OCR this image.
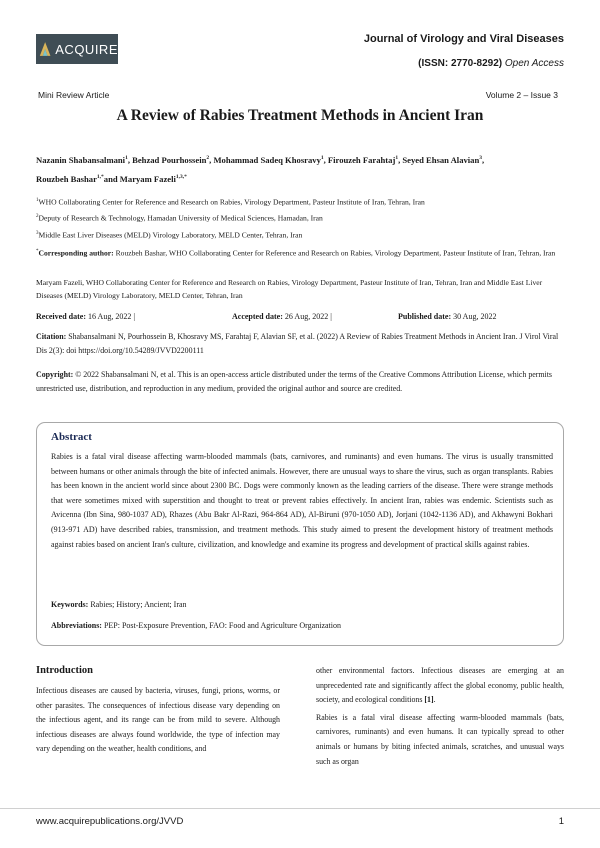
ACQUIRE
Journal of Virology and Viral Diseases
(ISSN: 2770-8292) Open Access
Mini Review Article	Volume 2 – Issue 3
A Review of Rabies Treatment Methods in Ancient Iran
Nazanin Shabansalmani$^1$, Behzad Pourhossein$^2$, Mohammad Sadeq Khosravy$^1$, Firouzeh Farahtaj$^1$, Seyed Ehsan Alavian$^3$,
Rouzbeh Bashar$^{1,*}$and Maryam Fazeli$^{1,3,*}$
$^1$WHO Collaborating Center for Reference and Research on Rabies, Virology Department, Pasteur Institute of Iran, Tehran, Iran
$^2$Deputy of Research & Technology, Hamadan University of Medical Sciences, Hamadan, Iran
$^3$Middle East Liver Diseases (MELD) Virology Laboratory, MELD Center, Tehran, Iran
*Corresponding author: Rouzbeh Bashar, WHO Collaborating Center for Reference and Research on Rabies, Virology Department, Pasteur Institute of Iran, Tehran, Iran
Maryam Fazeli, WHO Collaborating Center for Reference and Research on Rabies, Virology Department, Pasteur Institute of Iran, Tehran, Iran and Middle East Liver Diseases (MELD) Virology Laboratory, MELD Center, Tehran, Iran
Received date: 16 Aug, 2022 |	Accepted date: 26 Aug, 2022 |	Published date: 30 Aug, 2022
Citation: Shabansalmani N, Pourhossein B, Khosravy MS, Farahtaj F, Alavian SF, et al. (2022) A Review of Rabies Treatment Methods in Ancient Iran. J Virol Viral Dis 2(3): doi https://doi.org/10.54289/JVVD2200111
Copyright: © 2022 Shabansalmani N, et al. This is an open-access article distributed under the terms of the Creative Commons Attribution License, which permits unrestricted use, distribution, and reproduction in any medium, provided the original author and source are credited.
Abstract
Rabies is a fatal viral disease affecting warm-blooded mammals (bats, carnivores, and ruminants) and even humans. The virus is usually transmitted between humans or other animals through the bite of infected animals. However, there are unusual ways to share the virus, such as organ transplants. Rabies has been known in the ancient world since about 2300 BC. Dogs were commonly known as the leading carriers of the disease. There were strange methods that were sometimes mixed with superstition and thought to treat or prevent rabies effectively. In ancient Iran, rabies was endemic. Scientists such as Avicenna (Ibn Sina, 980-1037 AD), Rhazes (Abu Bakr Al-Razi, 964-864 AD), Al-Biruni (970-1050 AD), Jorjani (1042-1136 AD), and Akhawyni Bokhari (913-971 AD) have described rabies, transmission, and treatment methods. This study aimed to present the development history of treatment methods against rabies based on ancient Iran's culture, civilization, and knowledge and examine its progress and development of practical skills against rabies.
Keywords: Rabies; History; Ancient; Iran
Abbreviations: PEP: Post-Exposure Prevention, FAO: Food and Agriculture Organization
Introduction

Infectious diseases are caused by bacteria, viruses, fungi, prions, worms, or other parasites. The consequences of infectious disease vary depending on the infectious agent, and its range can be from mild to severe. Although infectious diseases are always found worldwide, the type of infection may vary depending on the weather, health conditions, and

other environmental factors. Infectious diseases are emerging at an unprecedented rate and significantly affect the global economy, public health, society, and ecological conditions [1].

Rabies is a fatal viral disease affecting warm-blooded mammals (bats, carnivores, ruminants) and even humans. It can typically spread to other animals or humans by biting infected animals, scratches, and unusual ways such as organ

www.acquirepublications.org/JVVD	1
